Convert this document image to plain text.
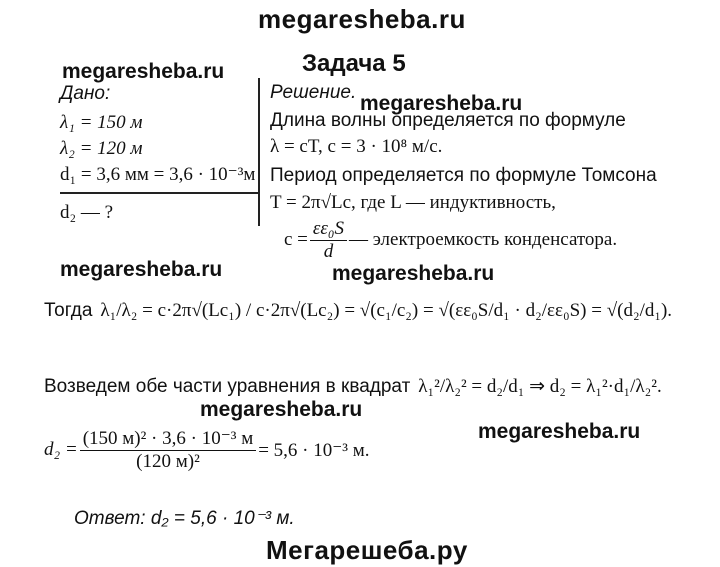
megaresheba.ru
Задача 5
megaresheba.ru
megaresheba.ru
Дано:
λ₁ = 150 м
λ₂ = 120 м
d₁ = 3,6 мм = 3,6 · 10⁻³м
d₂ — ?
Решение.
Длина волны определяется по формуле
λ = cT, c = 3 · 10⁸ м/с.
Период определяется по формуле Томсона
T = 2π√Lc, где L — индуктивность,
$c = \frac{\text{εε₀S}}{d}$ — электроемкость конденсатора.
megaresheba.ru	megaresheba.ru
Тогда λ₁/λ₂ = c·2π√(Lc₁) / c·2π√(Lc₂) = √(c₁/c₂) = √(εε₀S/d₁ · d₂/εε₀S) = √(d₂/d₁).
Возведем обе части уравнения в квадрат λ₁²/λ₂² = d₂/d₁ ⇒ d₂ = λ₁²·d₁/λ₂².
megaresheba.ru
megaresheba.ru
$d_2 = \frac{\text{(150 м)² · 3,6 · 10⁻³ м}}{\text{(120 м)²}} = 5,6 \cdot 10^{-3}$ м.
Ответ: d₂ = 5,6 · 10⁻³ м.
Мегарешеба.ру
